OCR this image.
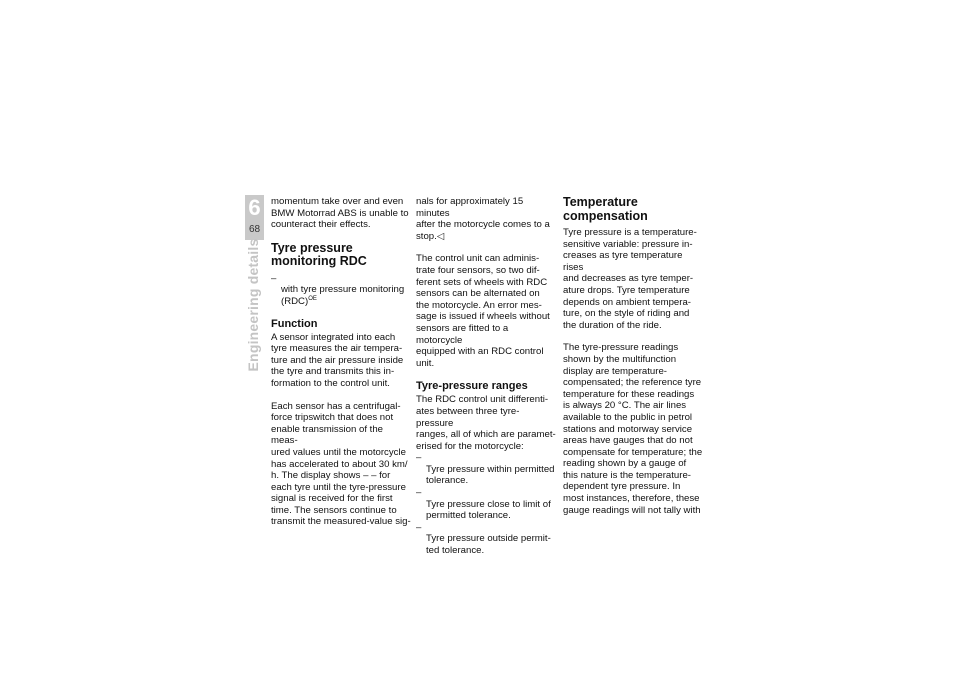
6
68
Engineering details

momentum take over and even
BMW Motorrad ABS is unable to
counteract their effects.

Tyre pressure
monitoring RDC

–
with tyre pressure monitoring
(RDC)$^{OE}$

Function

A sensor integrated into each
tyre measures the air tempera-
ture and the air pressure inside
the tyre and transmits this in-
formation to the control unit.

Each sensor has a centrifugal-
force tripswitch that does not
enable transmission of the meas-
ured values until the motorcycle
has accelerated to about 30 km/
h. The display shows – – for
each tyre until the tyre-pressure
signal is received for the first
time. The sensors continue to
transmit the measured-value sig-

nals for approximately 15 minutes
after the motorcycle comes to a
stop.◁

The control unit can adminis-
trate four sensors, so two dif-
ferent sets of wheels with RDC
sensors can be alternated on
the motorcycle. An error mes-
sage is issued if wheels without
sensors are fitted to a motorcycle
equipped with an RDC control
unit.

Tyre-pressure ranges

The RDC control unit differenti-
ates between three tyre-pressure
ranges, all of which are paramet-
erised for the motorcycle:

–
Tyre pressure within permitted
tolerance.

–
Tyre pressure close to limit of
permitted tolerance.

–
Tyre pressure outside permit-
ted tolerance.

Temperature
compensation

Tyre pressure is a temperature-
sensitive variable: pressure in-
creases as tyre temperature rises
and decreases as tyre temper-
ature drops. Tyre temperature
depends on ambient tempera-
ture, on the style of riding and
the duration of the ride.

The tyre-pressure readings
shown by the multifunction
display are temperature-
compensated; the reference tyre
temperature for these readings
is always 20 °C. The air lines
available to the public in petrol
stations and motorway service
areas have gauges that do not
compensate for temperature; the
reading shown by a gauge of
this nature is the temperature-
dependent tyre pressure. In
most instances, therefore, these
gauge readings will not tally with
